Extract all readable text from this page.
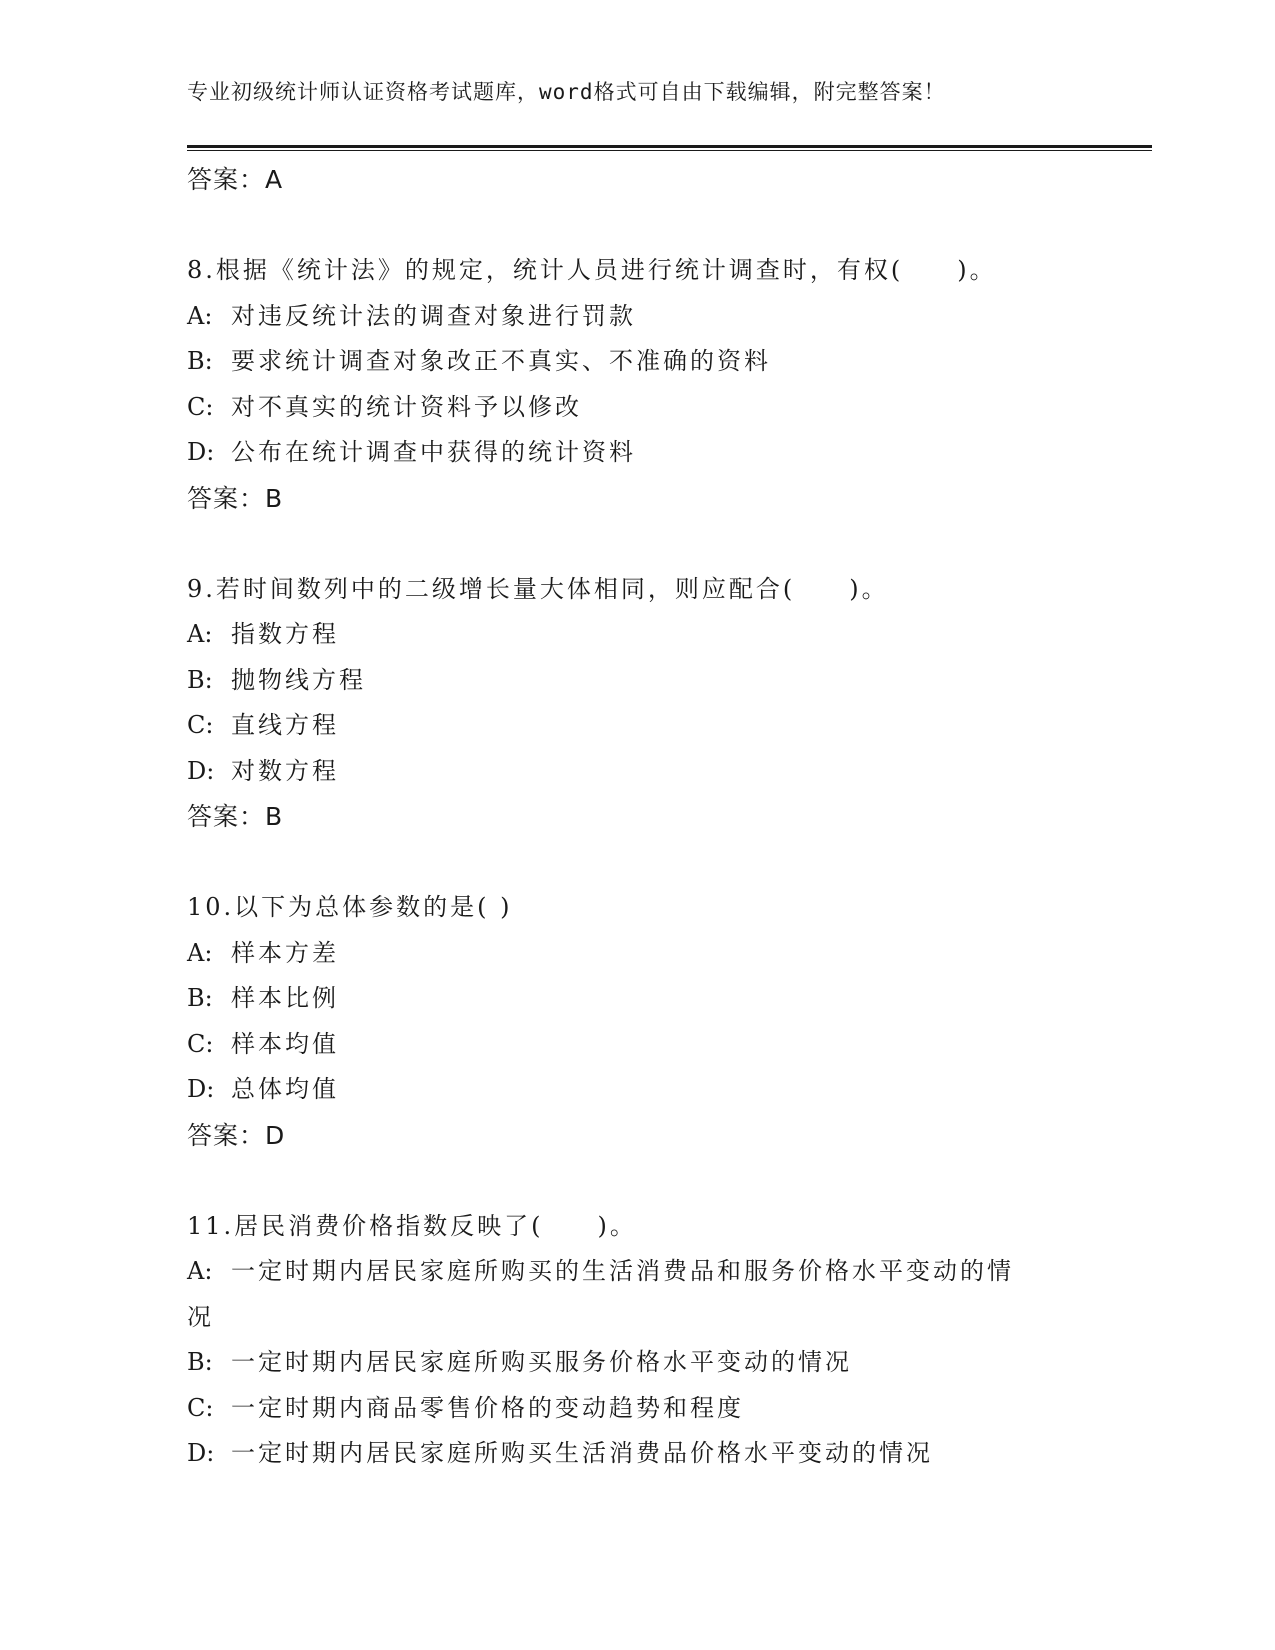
专业初级统计师认证资格考试题库，word格式可自由下载编辑，附完整答案！
答案：A
8.根据《统计法》的规定，统计人员进行统计调查时，有权(　　)。
A: 对违反统计法的调查对象进行罚款
B: 要求统计调查对象改正不真实、不准确的资料
C: 对不真实的统计资料予以修改
D: 公布在统计调查中获得的统计资料
答案：B
9.若时间数列中的二级增长量大体相同，则应配合(　　)。
A: 指数方程
B: 抛物线方程
C: 直线方程
D: 对数方程
答案：B
10.以下为总体参数的是( )
A: 样本方差
B: 样本比例
C: 样本均值
D: 总体均值
答案：D
11.居民消费价格指数反映了(　　)。
A: 一定时期内居民家庭所购买的生活消费品和服务价格水平变动的情
况
B: 一定时期内居民家庭所购买服务价格水平变动的情况
C: 一定时期内商品零售价格的变动趋势和程度
D: 一定时期内居民家庭所购买生活消费品价格水平变动的情况
